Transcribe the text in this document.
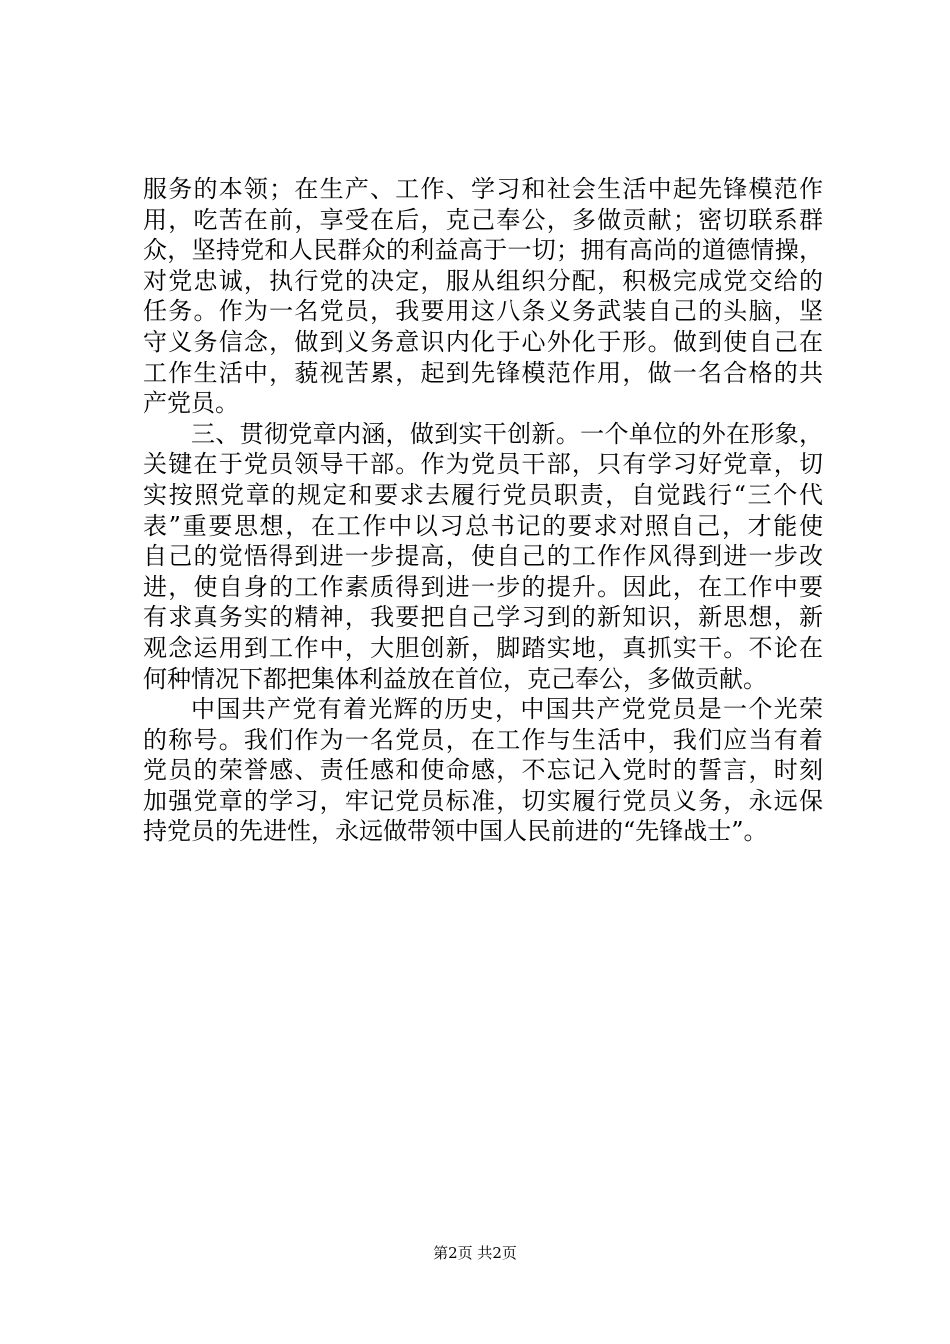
服务的本领；在生产、工作、学习和社会生活中起先锋模范作
用，吃苦在前，享受在后，克己奉公，多做贡献；密切联系群
众，坚持党和人民群众的利益高于一切；拥有高尚的道德情操，
对党忠诚，执行党的决定，服从组织分配，积极完成党交给的
任务。作为一名党员，我要用这八条义务武装自己的头脑，坚
守义务信念，做到义务意识内化于心外化于形。做到使自己在
工作生活中，藐视苦累，起到先锋模范作用，做一名合格的共
产党员。
三、贯彻党章内涵，做到实干创新。一个单位的外在形象，
关键在于党员领导干部。作为党员干部，只有学习好党章，切
实按照党章的规定和要求去履行党员职责，自觉践行“三个代
表”重要思想，在工作中以习总书记的要求对照自己，才能使
自己的觉悟得到进一步提高，使自己的工作作风得到进一步改
进，使自身的工作素质得到进一步的提升。因此，在工作中要
有求真务实的精神，我要把自己学习到的新知识，新思想，新
观念运用到工作中，大胆创新，脚踏实地，真抓实干。不论在
何种情况下都把集体利益放在首位，克己奉公，多做贡献。
中国共产党有着光辉的历史，中国共产党党员是一个光荣
的称号。我们作为一名党员，在工作与生活中，我们应当有着
党员的荣誉感、责任感和使命感，不忘记入党时的誓言，时刻
加强党章的学习，牢记党员标准，切实履行党员义务，永远保
持党员的先进性，永远做带领中国人民前进的“先锋战士”。
第2页 共2页
